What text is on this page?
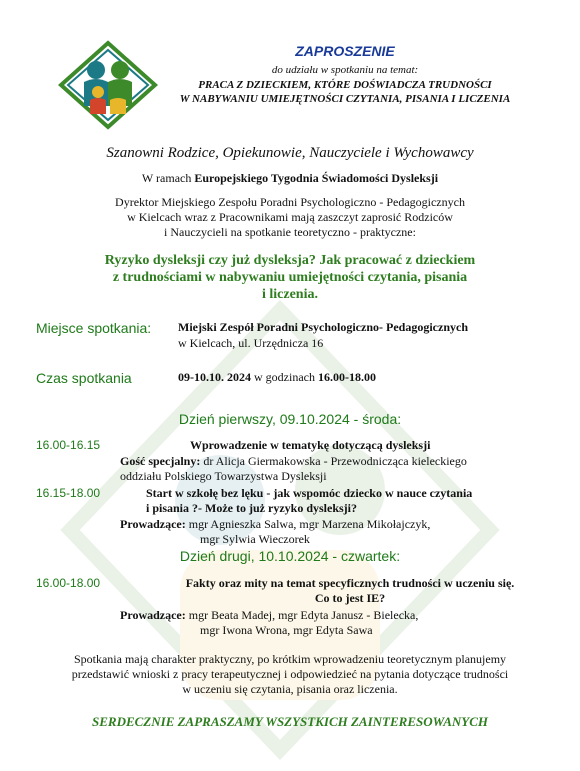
ZAPROSZENIE
do udziału w spotkaniu na temat:
PRACA Z DZIECKIEM, KTÓRE DOŚWIADCZA TRUDNOŚCI
W NABYWANIU UMIEJĘTNOŚCI CZYTANIA, PISANIA I LICZENIA
Szanowni Rodzice, Opiekunowie, Nauczyciele i Wychowawcy
W ramach Europejskiego Tygodnia Świadomości Dysleksji
Dyrektor Miejskiego Zespołu Poradni Psychologiczno - Pedagogicznych
w Kielcach wraz z Pracownikami mają zaszczyt zaprosić Rodziców
i Nauczycieli na spotkanie teoretyczno - praktyczne:
Ryzyko dysleksji czy już dysleksja? Jak pracować z dzieckiem
z trudnościami w nabywaniu umiejętności czytania, pisania
i liczenia.
Miejsce spotkania: Miejski Zespół Poradni Psychologiczno- Pedagogicznych
w Kielcach, ul. Urzędnicza 16
Czas spotkania	09-10.10. 2024 w godzinach 16.00-18.00
Dzień pierwszy, 09.10.2024 - środa:
16.00-16.15	Wprowadzenie w tematykę dotyczącą dysleksji
Gość specjalny: dr Alicja Giermakowska - Przewodnicząca kieleckiego
oddziału Polskiego Towarzystwa Dysleksji
16.15-18.00	Start w szkołę bez lęku - jak wspomóc dziecko w nauce czytania
i pisania ?- Może to już ryzyko dysleksji?
Prowadzące: mgr Agnieszka Salwa, mgr Marzena Mikołajczyk,
mgr Sylwia Wieczorek
Dzień drugi, 10.10.2024 - czwartek:
16.00-18.00	Fakty oraz mity na temat specyficznych trudności w uczeniu się.
Co to jest IE?
Prowadzące: mgr Beata Madej, mgr Edyta Janusz - Bielecka,
mgr Iwona Wrona, mgr Edyta Sawa
Spotkania mają charakter praktyczny, po krótkim wprowadzeniu teoretycznym planujemy
przedstawić wnioski z pracy terapeutycznej i odpowiedzieć na pytania dotyczące trudności
w uczeniu się czytania, pisania oraz liczenia.
SERDECZNIE ZAPRASZAMY WSZYSTKICH ZAINTERESOWANYCH
